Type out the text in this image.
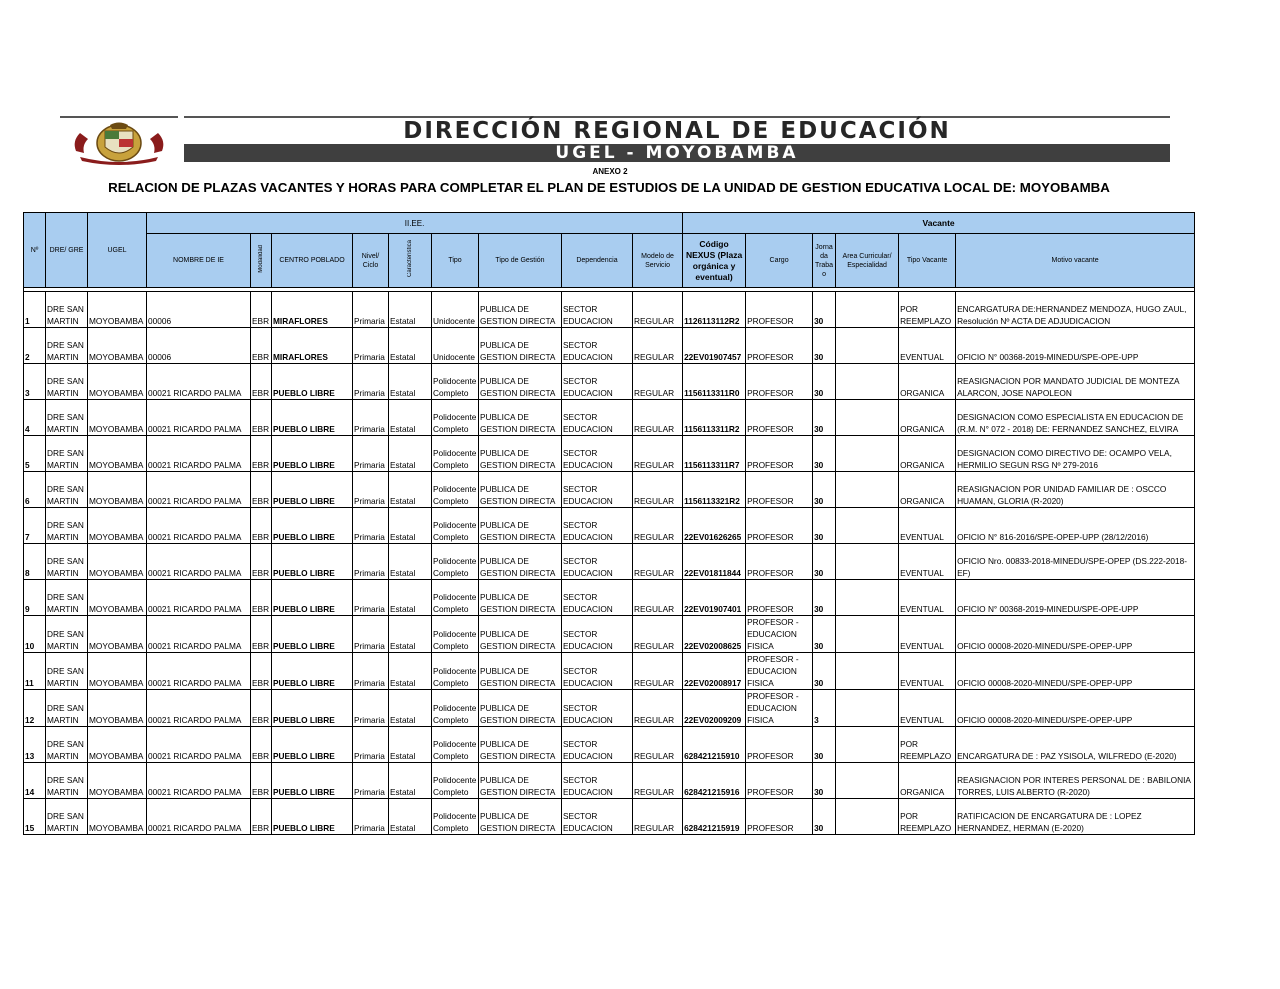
DIRECCIÓN REGIONAL DE EDUCACIÓN
UGEL - MOYOBAMBA
ANEXO 2
RELACION DE PLAZAS VACANTES Y HORAS PARA COMPLETAR EL PLAN DE ESTUDIOS DE LA UNIDAD DE GESTION EDUCATIVA LOCAL DE: MOYOBAMBA
Nº	DRE/ GRE	UGEL	II.EE.									Vacante					
			NOMBRE DE IE	Modalidad	CENTRO POBLADO	Nivel/ Ciclo	Característica	Tipo	Tipo de Gestión	Dependencia	Modelo de Servicio	Código NEXUS (Plaza orgánica y eventual)	Cargo	Jorna da Traba o	Area Curricular/ Especialidad	Tipo Vacante	Motivo vacante

1	DRE SAN MARTIN	MOYOBAMBA	00006	EBR	MIRAFLORES	Primaria	Estatal	Unidocente	PUBLICA DE GESTION DIRECTA	SECTOR EDUCACION	REGULAR	1126113112R2	PROFESOR	30		POR REEMPLAZO	ENCARGATURA DE:HERNANDEZ MENDOZA, HUGO ZAUL, Resolución Nº ACTA DE ADJUDICACION
2	DRE SAN MARTIN	MOYOBAMBA	00006	EBR	MIRAFLORES	Primaria	Estatal	Unidocente	PUBLICA DE GESTION DIRECTA	SECTOR EDUCACION	REGULAR	22EV01907457	PROFESOR	30		EVENTUAL	OFICIO N° 00368-2019-MINEDU/SPE-OPE-UPP
3	DRE SAN MARTIN	MOYOBAMBA	00021 RICARDO PALMA	EBR	PUEBLO LIBRE	Primaria	Estatal	Polidocente Completo	PUBLICA DE GESTION DIRECTA	SECTOR EDUCACION	REGULAR	1156113311R0	PROFESOR	30		ORGANICA	REASIGNACION POR MANDATO JUDICIAL DE MONTEZA ALARCON, JOSE NAPOLEON
4	DRE SAN MARTIN	MOYOBAMBA	00021 RICARDO PALMA	EBR	PUEBLO LIBRE	Primaria	Estatal	Polidocente Completo	PUBLICA DE GESTION DIRECTA	SECTOR EDUCACION	REGULAR	1156113311R2	PROFESOR	30		ORGANICA	DESIGNACION COMO ESPECIALISTA EN EDUCACION DE (R.M. N° 072 - 2018) DE: FERNANDEZ SANCHEZ, ELVIRA
5	DRE SAN MARTIN	MOYOBAMBA	00021 RICARDO PALMA	EBR	PUEBLO LIBRE	Primaria	Estatal	Polidocente Completo	PUBLICA DE GESTION DIRECTA	SECTOR EDUCACION	REGULAR	1156113311R7	PROFESOR	30		ORGANICA	DESIGNACION COMO DIRECTIVO DE: OCAMPO VELA, HERMILIO SEGUN RSG Nº 279-2016
6	DRE SAN MARTIN	MOYOBAMBA	00021 RICARDO PALMA	EBR	PUEBLO LIBRE	Primaria	Estatal	Polidocente Completo	PUBLICA DE GESTION DIRECTA	SECTOR EDUCACION	REGULAR	1156113321R2	PROFESOR	30		ORGANICA	REASIGNACION POR UNIDAD FAMILIAR DE : OSCCO HUAMAN, GLORIA (R-2020)
7	DRE SAN MARTIN	MOYOBAMBA	00021 RICARDO PALMA	EBR	PUEBLO LIBRE	Primaria	Estatal	Polidocente Completo	PUBLICA DE GESTION DIRECTA	SECTOR EDUCACION	REGULAR	22EV01626265	PROFESOR	30		EVENTUAL	OFICIO N° 816-2016/SPE-OPEP-UPP (28/12/2016)
8	DRE SAN MARTIN	MOYOBAMBA	00021 RICARDO PALMA	EBR	PUEBLO LIBRE	Primaria	Estatal	Polidocente Completo	PUBLICA DE GESTION DIRECTA	SECTOR EDUCACION	REGULAR	22EV01811844	PROFESOR	30		EVENTUAL	OFICIO Nro. 00833-2018-MINEDU/SPE-OPEP (DS.222-2018-EF)
9	DRE SAN MARTIN	MOYOBAMBA	00021 RICARDO PALMA	EBR	PUEBLO LIBRE	Primaria	Estatal	Polidocente Completo	PUBLICA DE GESTION DIRECTA	SECTOR EDUCACION	REGULAR	22EV01907401	PROFESOR	30		EVENTUAL	OFICIO N° 00368-2019-MINEDU/SPE-OPE-UPP
10	DRE SAN MARTIN	MOYOBAMBA	00021 RICARDO PALMA	EBR	PUEBLO LIBRE	Primaria	Estatal	Polidocente Completo	PUBLICA DE GESTION DIRECTA	SECTOR EDUCACION	REGULAR	22EV02008625	PROFESOR - EDUCACION FISICA	30		EVENTUAL	OFICIO 00008-2020-MINEDU/SPE-OPEP-UPP
11	DRE SAN MARTIN	MOYOBAMBA	00021 RICARDO PALMA	EBR	PUEBLO LIBRE	Primaria	Estatal	Polidocente Completo	PUBLICA DE GESTION DIRECTA	SECTOR EDUCACION	REGULAR	22EV02008917	PROFESOR - EDUCACION FISICA	30		EVENTUAL	OFICIO 00008-2020-MINEDU/SPE-OPEP-UPP
12	DRE SAN MARTIN	MOYOBAMBA	00021 RICARDO PALMA	EBR	PUEBLO LIBRE	Primaria	Estatal	Polidocente Completo	PUBLICA DE GESTION DIRECTA	SECTOR EDUCACION	REGULAR	22EV02009209	PROFESOR - EDUCACION FISICA	3		EVENTUAL	OFICIO 00008-2020-MINEDU/SPE-OPEP-UPP
13	DRE SAN MARTIN	MOYOBAMBA	00021 RICARDO PALMA	EBR	PUEBLO LIBRE	Primaria	Estatal	Polidocente Completo	PUBLICA DE GESTION DIRECTA	SECTOR EDUCACION	REGULAR	628421215910	PROFESOR	30		POR REEMPLAZO	ENCARGATURA DE : PAZ YSISOLA, WILFREDO (E-2020)
14	DRE SAN MARTIN	MOYOBAMBA	00021 RICARDO PALMA	EBR	PUEBLO LIBRE	Primaria	Estatal	Polidocente Completo	PUBLICA DE GESTION DIRECTA	SECTOR EDUCACION	REGULAR	628421215916	PROFESOR	30		ORGANICA	REASIGNACION POR INTERES PERSONAL DE : BABILONIA TORRES, LUIS ALBERTO (R-2020)
15	DRE SAN MARTIN	MOYOBAMBA	00021 RICARDO PALMA	EBR	PUEBLO LIBRE	Primaria	Estatal	Polidocente Completo	PUBLICA DE GESTION DIRECTA	SECTOR EDUCACION	REGULAR	628421215919	PROFESOR	30		POR REEMPLAZO	RATIFICACION DE ENCARGATURA DE : LOPEZ HERNANDEZ, HERMAN (E-2020)
